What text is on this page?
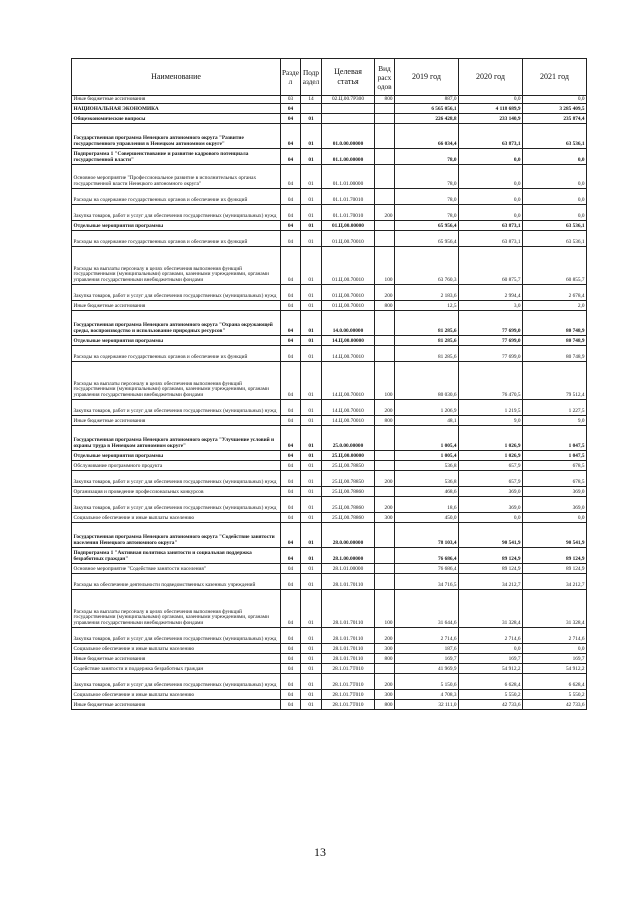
Наименование	Разде л	Подр аздел	Целевая статья	Вид расх одов	2019 год	2020 год	2021 год
Иные бюджетные ассигнования	03	14	02.Ц.00.7Р300	800	887,0	0,0	0,0
НАЦИОНАЛЬНАЯ ЭКОНОМИКА	04				6 565 056,1	4 118 689,9	3 285 409,5
Общеэкономические вопросы	04	01			226 428,8	233 140,9	235 874,4
Государственная программа Ненецкого автономного округа "Развитие государственного управления в Ненецком автономном округе"	04	01	01.0.00.00000		66 034,4	63 873,1	63 536,1
Подпрограмма 1 "Совершенствование и развитие кадрового потенциала государственной власти"	04	01	01.1.00.00000		78,0	0,0	0,0
Основное мероприятие "Профессиональное развитие в исполнительных органах государственной власти Ненецкого автономного округа"	04	01	01.1.01.00000		78,0	0,0	0,0
Расходы на содержание государственных органов и обеспечение их функций	04	01	01.1.01.70010		78,0	0,0	0,0
Закупка товаров, работ и услуг для обеспечения государственных (муниципальных) нужд	04	01	01.1.01.70010	200	78,0	0,0	0,0
Отдельные мероприятия программы	04	01	01.Ц.00.00000		65 956,4	63 873,1	63 536,1
Расходы на содержание государственных органов и обеспечение их функций	04	01	01.Ц.00.70010		65 956,4	63 873,1	63 536,1
Расходы на выплаты персоналу в целях обеспечения выполнения функций государственными (муниципальными) органами, казенными учреждениями, органами управления государственными внебюджетными фондами	04	01	01.Ц.00.70010	100	63 760,3	60 875,7	60 855,7
Закупка товаров, работ и услуг для обеспечения государственных (муниципальных) нужд	04	01	01.Ц.00.70010	200	2 183,6	2 994,4	2 678,4
Иные бюджетные ассигнования	04	01	01.Ц.00.70010	800	12,5	3,0	2,0
Государственная программа Ненецкого автономного округа "Охрана окружающей среды, воспроизводство и использование природных ресурсов"	04	01	14.0.00.00000		81 285,6	77 699,0	80 748,9
Отдельные мероприятия программы	04	01	14.Ц.00.00000		81 285,6	77 699,0	80 748,9
Расходы на содержание государственных органов и обеспечение их функций	04	01	14.Ц.00.70010		81 285,6	77 699,0	80 748,9
Расходы на выплаты персоналу в целях обеспечения выполнения функций государственными (муниципальными) органами, казенными учреждениями, органами управления государственными внебюджетными фондами	04	01	14.Ц.00.70010	100	80 030,6	76 470,5	79 512,4
Закупка товаров, работ и услуг для обеспечения государственных (муниципальных) нужд	04	01	14.Ц.00.70010	200	1 206,9	1 219,5	1 227,5
Иные бюджетные ассигнования	04	01	14.Ц.00.70010	800	48,1	9,0	9,0
Государственная программа Ненецкого автономного округа "Улучшение условий и охраны труда в Ненецком автономном округе"	04	01	25.0.00.00000		1 005,4	1 026,9	1 047,5
Отдельные мероприятия программы	04	01	25.Ц.00.00000		1 005,4	1 026,9	1 047,5
Обслуживание программного продукта	04	01	25.Ц.00.78850		536,8	657,9	678,5
Закупка товаров, работ и услуг для обеспечения государственных (муниципальных) нужд	04	01	25.Ц.00.78850	200	536,8	657,9	678,5
Организация и проведение профессиональных конкурсов	04	01	25.Ц.00.78860		468,6	369,0	369,0
Закупка товаров, работ и услуг для обеспечения государственных (муниципальных) нужд	04	01	25.Ц.00.78860	200	18,6	369,0	369,0
Социальное обеспечение и иные выплаты населению	04	01	25.Ц.00.78860	300	450,0	0,0	0,0
Государственная программа Ненецкого автономного округа "Содействие занятости населения Ненецкого автономного округа"	04	01	28.0.00.00000		78 103,4	90 541,9	90 541,9
Подпрограмма 1 "Активная политика занятости и социальная поддержка безработных граждан"	04	01	28.1.00.00000		76 686,4	89 124,9	89 124,9
Основное мероприятие "Содействие занятости населения"	04	01	28.1.01.00000		76 686,4	89 124,9	89 124,9
Расходы на обеспечение деятельности подведомственных казенных учреждений	04	01	28.1.01.70110		34 716,5	34 212,7	34 212,7
Расходы на выплаты персоналу в целях обеспечения выполнения функций государственными (муниципальными) органами, казенными учреждениями, органами управления государственными внебюджетными фондами	04	01	28.1.01.70110	100	31 644,6	31 328,4	31 328,4
Закупка товаров, работ и услуг для обеспечения государственных (муниципальных) нужд	04	01	28.1.01.70110	200	2 714,6	2 714,6	2 714,6
Социальное обеспечение и иные выплаты населению	04	01	28.1.01.70110	300	187,6	0,0	0,0
Иные бюджетные ассигнования	04	01	28.1.01.70110	800	169,7	169,7	169,7
Содействие занятости и поддержка безработных граждан	04	01	28.1.01.7Т010		41 969,9	54 912,2	54 912,2
Закупка товаров, работ и услуг для обеспечения государственных (муниципальных) нужд	04	01	28.1.01.7Т010	200	5 150,6	6 628,4	6 628,4
Социальное обеспечение и иные выплаты населению	04	01	28.1.01.7Т010	300	4 708,3	5 550,2	5 550,2
Иные бюджетные ассигнования	04	01	28.1.01.7Т010	800	32 111,0	42 733,6	42 733,6
13
